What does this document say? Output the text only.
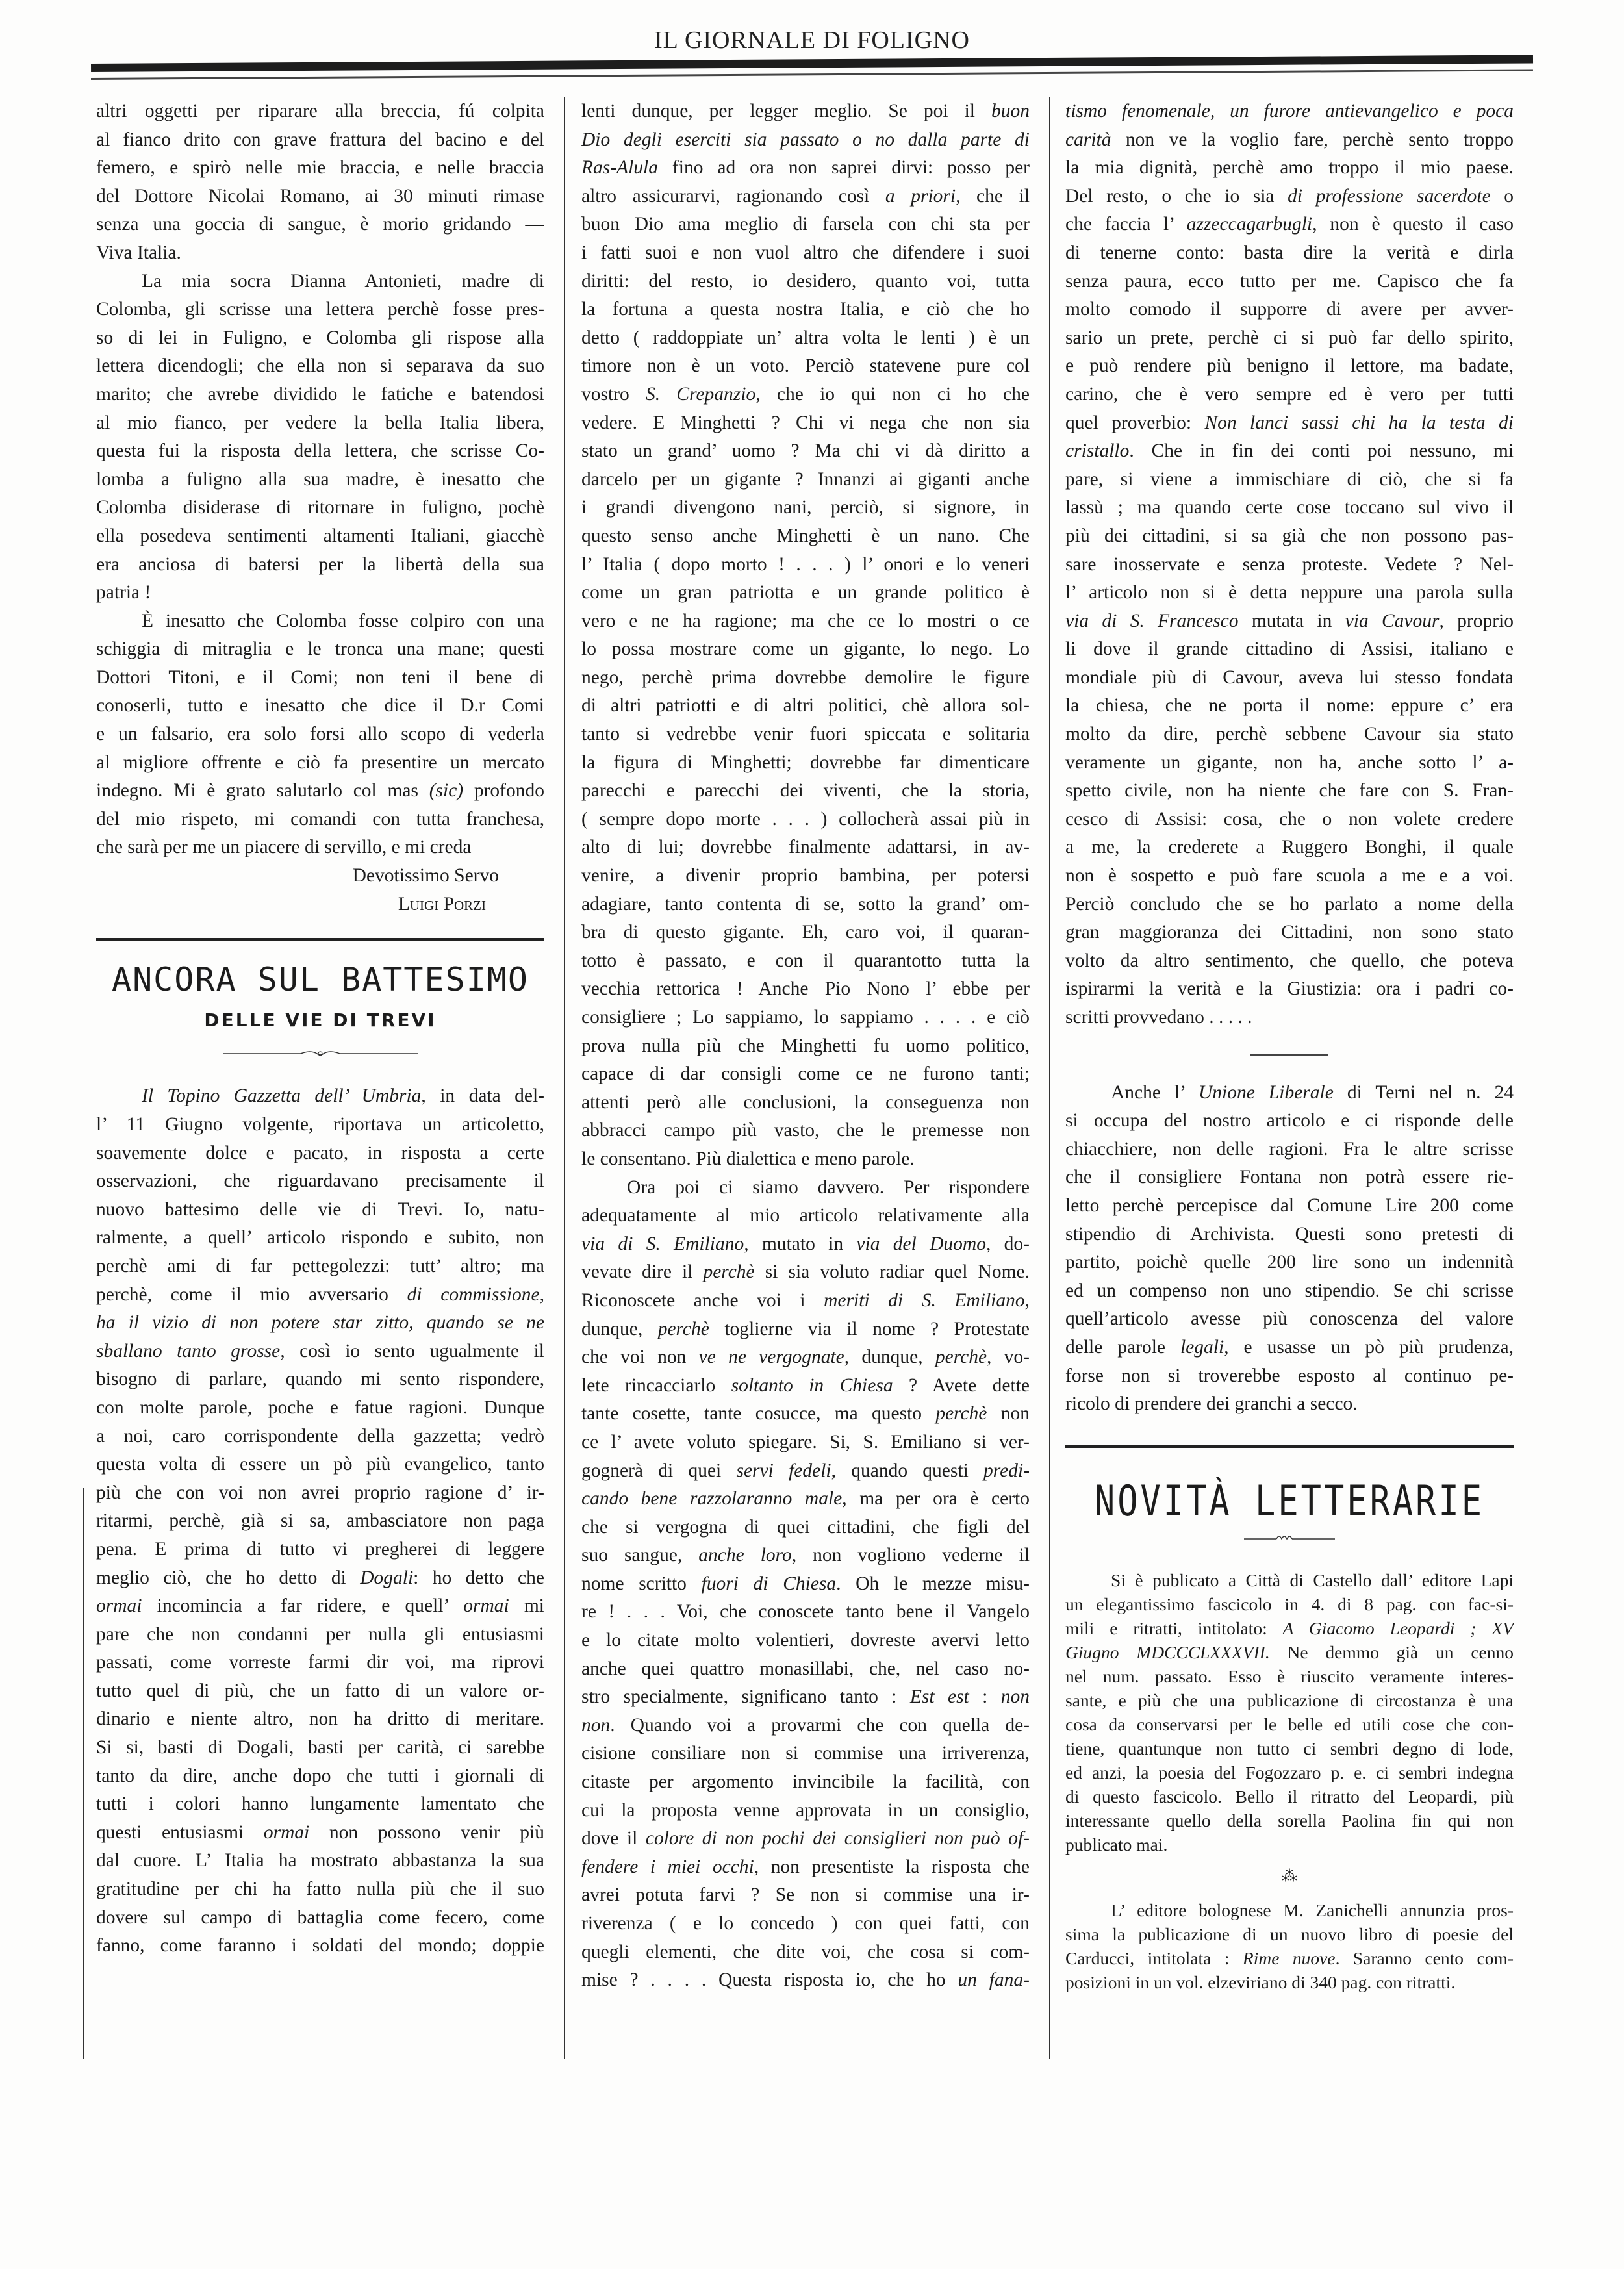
IL GIORNALE DI FOLIGNO
altri oggetti per riparare alla breccia, fú colpita
al fianco drito con grave frattura del bacino e del
femero, e spirò nelle mie braccia, e nelle braccia
del Dottore Nicolai Romano, ai 30 minuti rimase
senza una goccia di sangue, è morio gridando —
Viva Italia.
La mia socra Dianna Antonieti, madre di
Colomba, gli scrisse una lettera perchè fosse pres-
so di lei in Fuligno, e Colomba gli rispose alla
lettera dicendogli; che ella non si separava da suo
marito; che avrebe dividido le fatiche e batendosi
al mio fianco, per vedere la bella Italia libera,
questa fui la risposta della lettera, che scrisse Co-
lomba a fuligno alla sua madre, è inesatto che
Colomba disiderase di ritornare in fuligno, pochè
ella posedeva sentimenti altamenti Italiani, giacchè
era anciosa di batersi per la libertà della sua
patria !
È inesatto che Colomba fosse colpiro con una
schiggia di mitraglia e le tronca una mane; questi
Dottori Titoni, e il Comi; non teni il bene di
conoserli, tutto e inesatto che dice il D.r Comi
e un falsario, era solo forsi allo scopo di vederla
al migliore offrente e ciò fa presentire un mercato
indegno. Mi è grato salutarlo col mas (sic) profondo
del mio rispeto, mi comandi con tutta franchesa,
che sarà per me un piacere di servillo, e mi creda
Devotissimo Servo
Luigi Porzi
ANCORA SUL BATTESIMO
DELLE VIE DI TREVI
Il Topino Gazzetta dell’ Umbria, in data del-
l’ 11 Giugno volgente, riportava un articoletto,
soavemente dolce e pacato, in risposta a certe
osservazioni, che riguardavano precisamente il
nuovo battesimo delle vie di Trevi. Io, natu-
ralmente, a quell’ articolo rispondo e subito, non
perchè ami di far pettegolezzi: tutt’ altro; ma
perchè, come il mio avversario di commissione,
ha il vizio di non potere star zitto, quando se ne
sballano tanto grosse, così io sento ugualmente il
bisogno di parlare, quando mi sento rispondere,
con molte parole, poche e fatue ragioni. Dunque
a noi, caro corrispondente della gazzetta; vedrò
questa volta di essere un pò più evangelico, tanto
più che con voi non avrei proprio ragione d’ ir-
ritarmi, perchè, già si sa, ambasciatore non paga
pena. E prima di tutto vi pregherei di leggere
meglio ciò, che ho detto di Dogali: ho detto che
ormai incomincia a far ridere, e quell’ ormai mi
pare che non condanni per nulla gli entusiasmi
passati, come vorreste farmi dir voi, ma riprovi
tutto quel di più, che un fatto di un valore or-
dinario e niente altro, non ha dritto di meritare.
Si si, basti di Dogali, basti per carità, ci sarebbe
tanto da dire, anche dopo che tutti i giornali di
tutti i colori hanno lungamente lamentato che
questi entusiasmi ormai non possono venir più
dal cuore. L’ Italia ha mostrato abbastanza la sua
gratitudine per chi ha fatto nulla più che il suo
dovere sul campo di battaglia come fecero, come
fanno, come faranno i soldati del mondo; doppie
lenti dunque, per legger meglio. Se poi il buon
Dio degli eserciti sia passato o no dalla parte di
Ras-Alula fino ad ora non saprei dirvi: posso per
altro assicurarvi, ragionando così a priori, che il
buon Dio ama meglio di farsela con chi sta per
i fatti suoi e non vuol altro che difendere i suoi
diritti: del resto, io desidero, quanto voi, tutta
la fortuna a questa nostra Italia, e ciò che ho
detto ( raddoppiate un’ altra volta le lenti ) è un
timore non è un voto. Perciò statevene pure col
vostro S. Crepanzio, che io qui non ci ho che
vedere. E Minghetti ? Chi vi nega che non sia
stato un grand’ uomo ? Ma chi vi dà diritto a
darcelo per un gigante ? Innanzi ai giganti anche
i grandi divengono nani, perciò, si signore, in
questo senso anche Minghetti è un nano. Che
l’ Italia ( dopo morto ! . . . ) l’ onori e lo veneri
come un gran patriotta e un grande politico è
vero e ne ha ragione; ma che ce lo mostri o ce
lo possa mostrare come un gigante, lo nego. Lo
nego, perchè prima dovrebbe demolire le figure
di altri patriotti e di altri politici, chè allora sol-
tanto si vedrebbe venir fuori spiccata e solitaria
la figura di Minghetti; dovrebbe far dimenticare
parecchi e parecchi dei viventi, che la storia,
( sempre dopo morte . . . ) collocherà assai più in
alto di lui; dovrebbe finalmente adattarsi, in av-
venire, a divenir proprio bambina, per potersi
adagiare, tanto contenta di se, sotto la grand’ om-
bra di questo gigante. Eh, caro voi, il quaran-
totto è passato, e con il quarantotto tutta la
vecchia rettorica ! Anche Pio Nono l’ ebbe per
consigliere ; Lo sappiamo, lo sappiamo . . . . e ciò
prova nulla più che Minghetti fu uomo politico,
capace di dar consigli come ce ne furono tanti;
attenti però alle conclusioni, la conseguenza non
abbracci campo più vasto, che le premesse non
le consentano. Più dialettica e meno parole.
Ora poi ci siamo davvero. Per rispondere
adequatamente al mio articolo relativamente alla
via di S. Emiliano, mutato in via del Duomo, do-
vevate dire il perchè si sia voluto radiar quel Nome.
Riconoscete anche voi i meriti di S. Emiliano,
dunque, perchè toglierne via il nome ? Protestate
che voi non ve ne vergognate, dunque, perchè, vo-
lete rincacciarlo soltanto in Chiesa ? Avete dette
tante cosette, tante cosucce, ma questo perchè non
ce l’ avete voluto spiegare. Si, S. Emiliano si ver-
gognerà di quei servi fedeli, quando questi predi-
cando bene razzolaranno male, ma per ora è certo
che si vergogna di quei cittadini, che figli del
suo sangue, anche loro, non vogliono vederne il
nome scritto fuori di Chiesa. Oh le mezze misu-
re ! . . . Voi, che conoscete tanto bene il Vangelo
e lo citate molto volentieri, dovreste avervi letto
anche quei quattro monasillabi, che, nel caso no-
stro specialmente, significano tanto : Est est : non
non. Quando voi a provarmi che con quella de-
cisione consiliare non si commise una irriverenza,
citaste per argomento invincibile la facilità, con
cui la proposta venne approvata in un consiglio,
dove il colore di non pochi dei consiglieri non può of-
fendere i miei occhi, non presentiste la risposta che
avrei potuta farvi ? Se non si commise una ir-
riverenza ( e lo concedo ) con quei fatti, con
quegli elementi, che dite voi, che cosa si com-
mise ? . . . . Questa risposta io, che ho un fana-
tismo fenomenale, un furore antievangelico e poca
carità non ve la voglio fare, perchè sento troppo
la mia dignità, perchè amo troppo il mio paese.
Del resto, o che io sia di professione sacerdote o
che faccia l’ azzeccagarbugli, non è questo il caso
di tenerne conto: basta dire la verità e dirla
senza paura, ecco tutto per me. Capisco che fa
molto comodo il supporre di avere per avver-
sario un prete, perchè ci si può far dello spirito,
e può rendere più benigno il lettore, ma badate,
carino, che è vero sempre ed è vero per tutti
quel proverbio: Non lanci sassi chi ha la testa di
cristallo. Che in fin dei conti poi nessuno, mi
pare, si viene a immischiare di ciò, che si fa
lassù ; ma quando certe cose toccano sul vivo il
più dei cittadini, si sa già che non possono pas-
sare inosservate e senza proteste. Vedete ? Nel-
l’ articolo non si è detta neppure una parola sulla
via di S. Francesco mutata in via Cavour, proprio
li dove il grande cittadino di Assisi, italiano e
mondiale più di Cavour, aveva lui stesso fondata
la chiesa, che ne porta il nome: eppure c’ era
molto da dire, perchè sebbene Cavour sia stato
veramente un gigante, non ha, anche sotto l’ a-
spetto civile, non ha niente che fare con S. Fran-
cesco di Assisi: cosa, che o non volete credere
a me, la crederete a Ruggero Bonghi, il quale
non è sospetto e può fare scuola a me e a voi.
Perciò concludo che se ho parlato a nome della
gran maggioranza dei Cittadini, non sono stato
volto da altro sentimento, che quello, che poteva
ispirarmi la verità e la Giustizia: ora i padri co-
scritti provvedano . . . . .
Anche l’ Unione Liberale di Terni nel n. 24
si occupa del nostro articolo e ci risponde delle
chiacchiere, non delle ragioni. Fra le altre scrisse
che il consigliere Fontana non potrà essere rie-
letto perchè percepisce dal Comune Lire 200 come
stipendio di Archivista. Questi sono pretesti di
partito, poichè quelle 200 lire sono un indennità
ed un compenso non uno stipendio. Se chi scrisse
quell’articolo avesse più conoscenza del valore
delle parole legali, e usasse un pò più prudenza,
forse non si troverebbe esposto al continuo pe-
ricolo di prendere dei granchi a secco.
NOVITÀ LETTERARIE
Si è publicato a Città di Castello dall’ editore Lapi
un elegantissimo fascicolo in 4. di 8 pag. con fac-si-
mili e ritratti, intitolato: A Giacomo Leopardi ; XV
Giugno MDCCCLXXXVII. Ne demmo già un cenno
nel num. passato. Esso è riuscito veramente interes-
sante, e più che una publicazione di circostanza è una
cosa da conservarsi per le belle ed utili cose che con-
tiene, quantunque non tutto ci sembri degno di lode,
ed anzi, la poesia del Fogozzaro p. e. ci sembri indegna
di questo fascicolo. Bello il ritratto del Leopardi, più
interessante quello della sorella Paolina fin qui non
publicato mai.
⁂
L’ editore bolognese M. Zanichelli annunzia pros-
sima la publicazione di un nuovo libro di poesie del
Carducci, intitolata : Rime nuove. Saranno cento com-
posizioni in un vol. elzeviriano di 340 pag. con ritratti.
